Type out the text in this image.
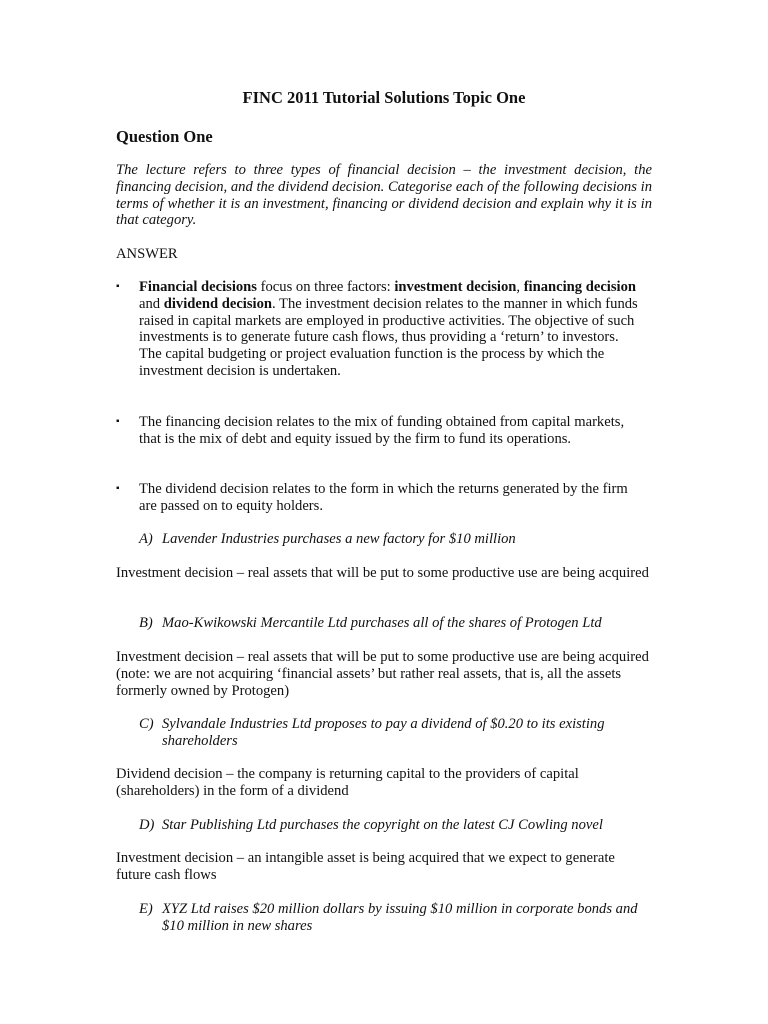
FINC 2011 Tutorial Solutions Topic One
Question One
The lecture refers to three types of financial decision – the investment decision, the financing decision, and the dividend decision. Categorise each of the following decisions in terms of whether it is an investment, financing or dividend decision and explain why it is in that category.
ANSWER
▪ Financial decisions focus on three factors: investment decision, financing decision and dividend decision. The investment decision relates to the manner in which funds raised in capital markets are employed in productive activities. The objective of such investments is to generate future cash flows, thus providing a ‘return’ to investors. The capital budgeting or project evaluation function is the process by which the investment decision is undertaken.
▪ The financing decision relates to the mix of funding obtained from capital markets, that is the mix of debt and equity issued by the firm to fund its operations.
▪ The dividend decision relates to the form in which the returns generated by the firm are passed on to equity holders.
A) Lavender Industries purchases a new factory for $10 million
Investment decision – real assets that will be put to some productive use are being acquired
B) Mao-Kwikowski Mercantile Ltd purchases all of the shares of Protogen Ltd
Investment decision – real assets that will be put to some productive use are being acquired (note: we are not acquiring ‘financial assets’ but rather real assets, that is, all the assets formerly owned by Protogen)
C) Sylvandale Industries Ltd proposes to pay a dividend of $0.20 to its existing shareholders
Dividend decision – the company is returning capital to the providers of capital (shareholders) in the form of a dividend
D) Star Publishing Ltd purchases the copyright on the latest CJ Cowling novel
Investment decision – an intangible asset is being acquired that we expect to generate future cash flows
E) XYZ Ltd raises $20 million dollars by issuing $10 million in corporate bonds and $10 million in new shares
